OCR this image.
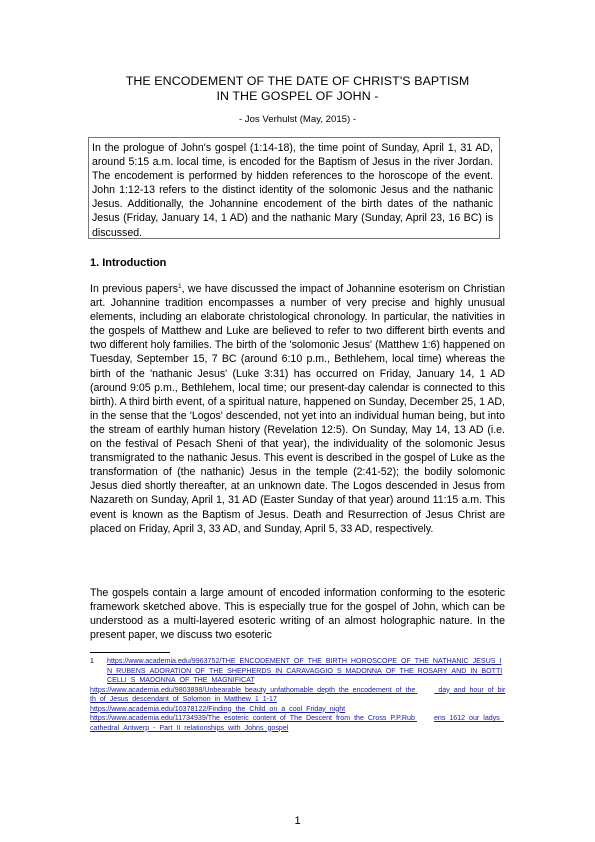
THE ENCODEMENT OF THE DATE OF CHRIST'S BAPTISM
IN THE GOSPEL OF JOHN -
- Jos Verhulst (May, 2015) -

In the prologue of John's gospel (1:14-18), the time point of Sunday, April 1, 31 AD, around 5:15 a.m. local time, is encoded for the Baptism of Jesus in the river Jordan. The encodement is performed by hidden references to the horoscope of the event. John 1:12-13 refers to the distinct identity of the solomonic Jesus and the nathanic Jesus. Additionally, the Johannine encodement of the birth dates of the nathanic Jesus (Friday, January 14, 1 AD) and the nathanic Mary (Sunday, April 23, 16 BC) is discussed.

1. Introduction

In previous papers$^1$, we have discussed the impact of Johannine esoterism on Christian art. Johannine tradition encompasses a number of very precise and highly unusual elements, including an elaborate christological chronology. In particular, the nativities in the gospels of Matthew and Luke are believed to refer to two different birth events and two different holy families. The birth of the 'solomonic Jesus' (Matthew 1:6) happened on Tuesday, September 15, 7 BC (around 6:10 p.m., Bethlehem, local time) whereas the birth of the 'nathanic Jesus' (Luke 3:31) has occurred on Friday, January 14, 1 AD (around 9:05 p.m., Bethlehem, local time; our present-day calendar is connected to this birth). A third birth event, of a spiritual nature, happened on Sunday, December 25, 1 AD, in the sense that the 'Logos' descended, not yet into an individual human being, but into the stream of earthly human history (Revelation 12:5). On Sunday, May 14, 13 AD (i.e. on the festival of Pesach Sheni of that year), the individuality of the solomonic Jesus transmigrated to the nathanic Jesus. This event is described in the gospel of Luke as the transformation of (the nathanic) Jesus in the temple (2:41-52); the bodily solomonic Jesus died shortly thereafter, at an unknown date. The Logos descended in Jesus from Nazareth on Sunday, April 1, 31 AD (Easter Sunday of that year) around 11:15 a.m. This event is known as the Baptism of Jesus. Death and Resurrection of Jesus Christ are placed on Friday, April 3, 33 AD, and Sunday, April 5, 33 AD, respectively.

The gospels contain a large amount of encoded information conforming to the esoteric framework sketched above. This is especially true for the gospel of John, which can be understood as a multi-layered esoteric writing of an almost holographic nature. In the present paper, we discuss two esoteric

1	https://www.academia.edu/9963752/THE_ENCODEMENT_OF_THE_BIRTH_HOROSCOPE_OF_THE_NATHANIC_JESUS_IN_RUBENS_ADORATION_OF_THE_SHEPHERDS_IN_CARAVAGGIO_S_MADONNA_OF_THE_ROSARY_AND_IN_BOTTICELLI_S_MADONNA_OF_THE_MAGNIFICAT
https://www.academia.edu/9803898/Unbearable_beauty_unfathomable_depth_the_encodement_of_the	_day_and_hour_of_birth_of_Jesus_descendant_of_Solomon_in_Matthew_1_1-17
https://www.academia.edu/10378122/Finding_the_Child_on_a_cool_Friday_night
https://www.academia.edu/11734939/The_esoteric_content_of_The_Descent_from_the_Cross_P.P.Rub	ens_1612_our_ladys_cathedral_Antwerp_-_Part_II_relationships_with_Johns_gospel
1
